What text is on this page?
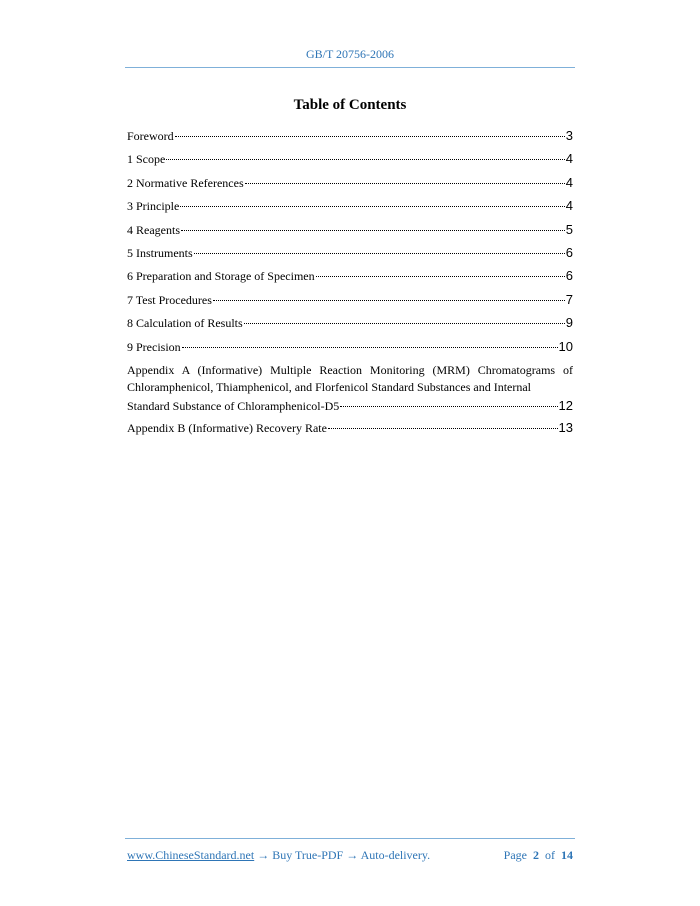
GB/T 20756-2006
Table of Contents
Foreword	3
1 Scope	4
2 Normative References	4
3 Principle	4
4 Reagents	5
5 Instruments	6
6 Preparation and Storage of Specimen	6
7 Test Procedures	7
8 Calculation of Results	9
9 Precision	10
Appendix A (Informative) Multiple Reaction Monitoring (MRM) Chromatograms of Chloramphenicol, Thiamphenicol, and Florfenicol Standard Substances and Internal
Standard Substance of Chloramphenicol-D5	12
Appendix B (Informative) Recovery Rate	13
www.ChineseStandard.net → Buy True-PDF → Auto-delivery.	Page 2 of 14
